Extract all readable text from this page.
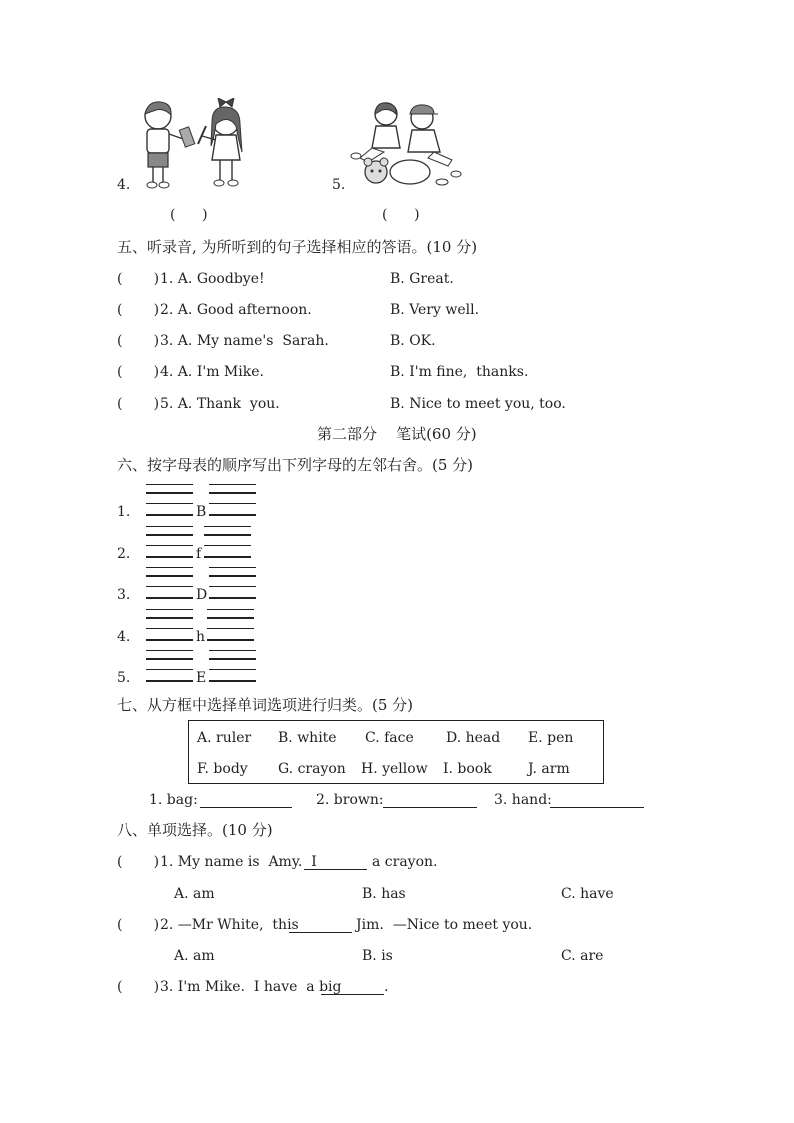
4.	5.
(      )	(      )
五、听录音, 为所听到的句子选择相应的答语。(10 分)
(       ) 1. A. Goodbye!	B. Great.
(       ) 2. A. Good afternoon.	B. Very well.
(       ) 3. A. My name's  Sarah.	B. OK.
(       ) 4. A. I'm Mike.	B. I'm fine,  thanks.
(       ) 5. A. Thank  you.	B. Nice to meet you, too.
第二部分    笔试(60 分)
六、按字母表的顺序写出下列字母的左邻右舍。(5 分)
1.	B
2.	f
3.	D
4.	h
5.	E
七、从方框中选择单词选项进行归类。(5 分)
A. ruler B. white C. face D. head E. pen
F. body G. crayon H. yellow I. book	J. arm
1. bag:	2. brown:	3. hand:
八、单项选择。(10 分)
(       ) 1. My name is  Amy.  I	a crayon.
A. am	B. has	C. have
(       ) 2. —Mr White,  this	Jim.  —Nice to meet you.
A. am	B. is	C. are
(       ) 3. I'm Mike.  I have  a big	.
